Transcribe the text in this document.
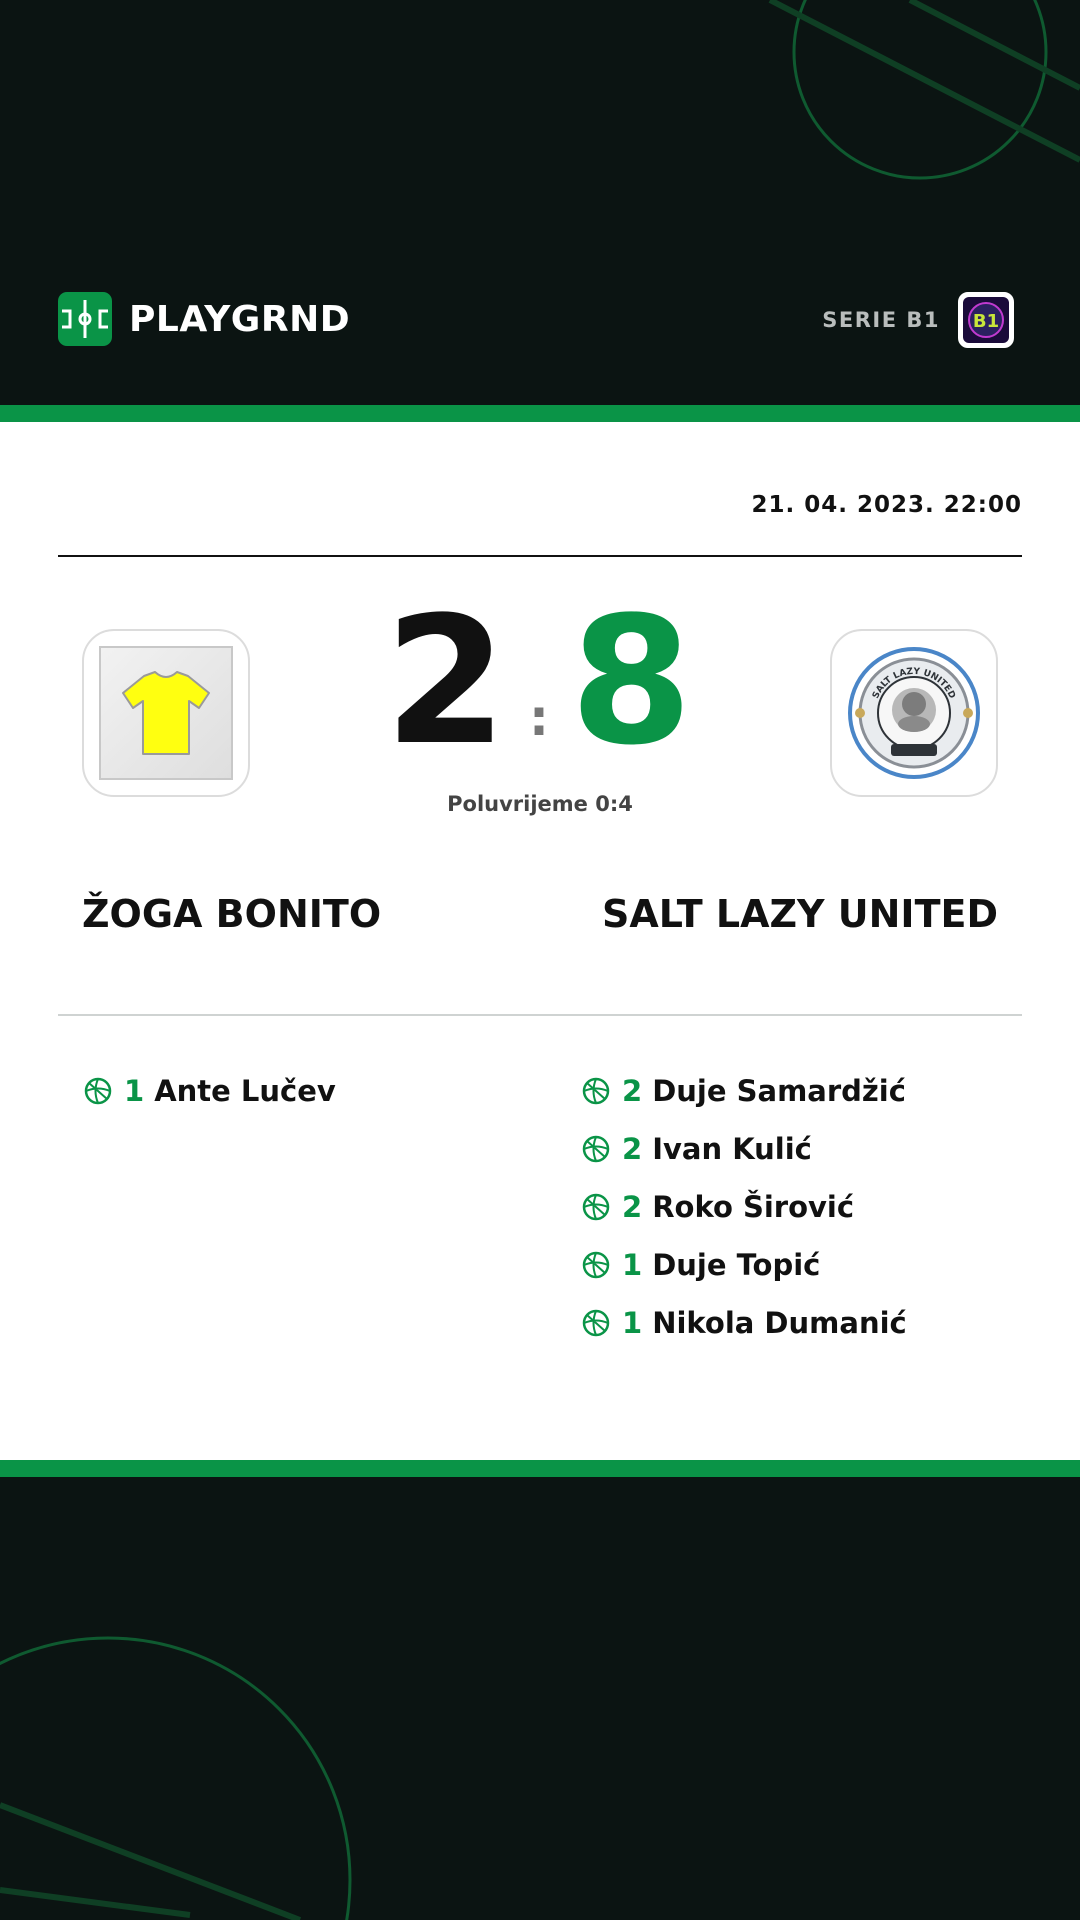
PLAYGRND	SERIE B1 B1
21. 04. 2023. 22:00
2 : 8	SALT LAZY UNITED
Poluvrijeme 0:4
ŽOGA BONITO	SALT LAZY UNITED
1 Ante Lučev	2 Duje Samardžić
2 Ivan Kulić
2 Roko Širović
1 Duje Topić
1 Nikola Dumanić
